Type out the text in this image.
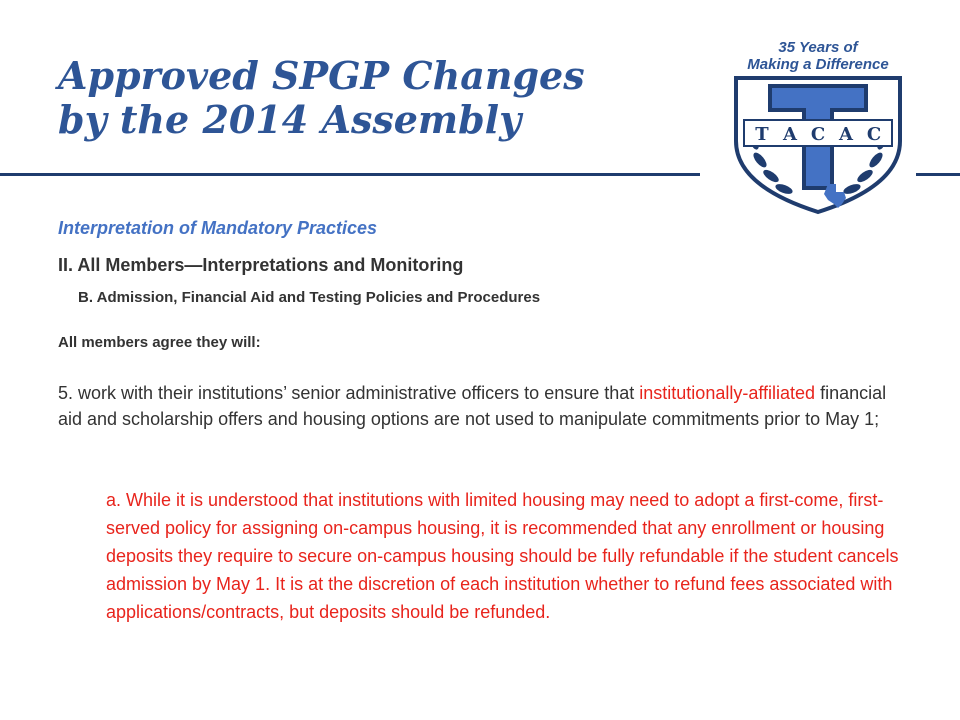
Approved SPGP Changes
by the 2014 Assembly
35 Years of
Making a Difference
T A C A C
Interpretation of Mandatory Practices
II. All Members—Interpretations and Monitoring
B. Admission, Financial Aid and Testing Policies and Procedures
All members agree they will:

5. work with their institutions’ senior administrative officers to ensure that institutionally-affiliated financial aid and scholarship offers and housing options are not used to manipulate commitments prior to May 1;

a. While it is understood that institutions with limited housing may need to adopt a first-come, first-served policy for assigning on-campus housing, it is recommended that any enrollment or housing deposits they require to secure on-campus housing should be fully refundable if the student cancels admission by May 1. It is at the discretion of each institution whether to refund fees associated with applications/contracts, but deposits should be refunded.
